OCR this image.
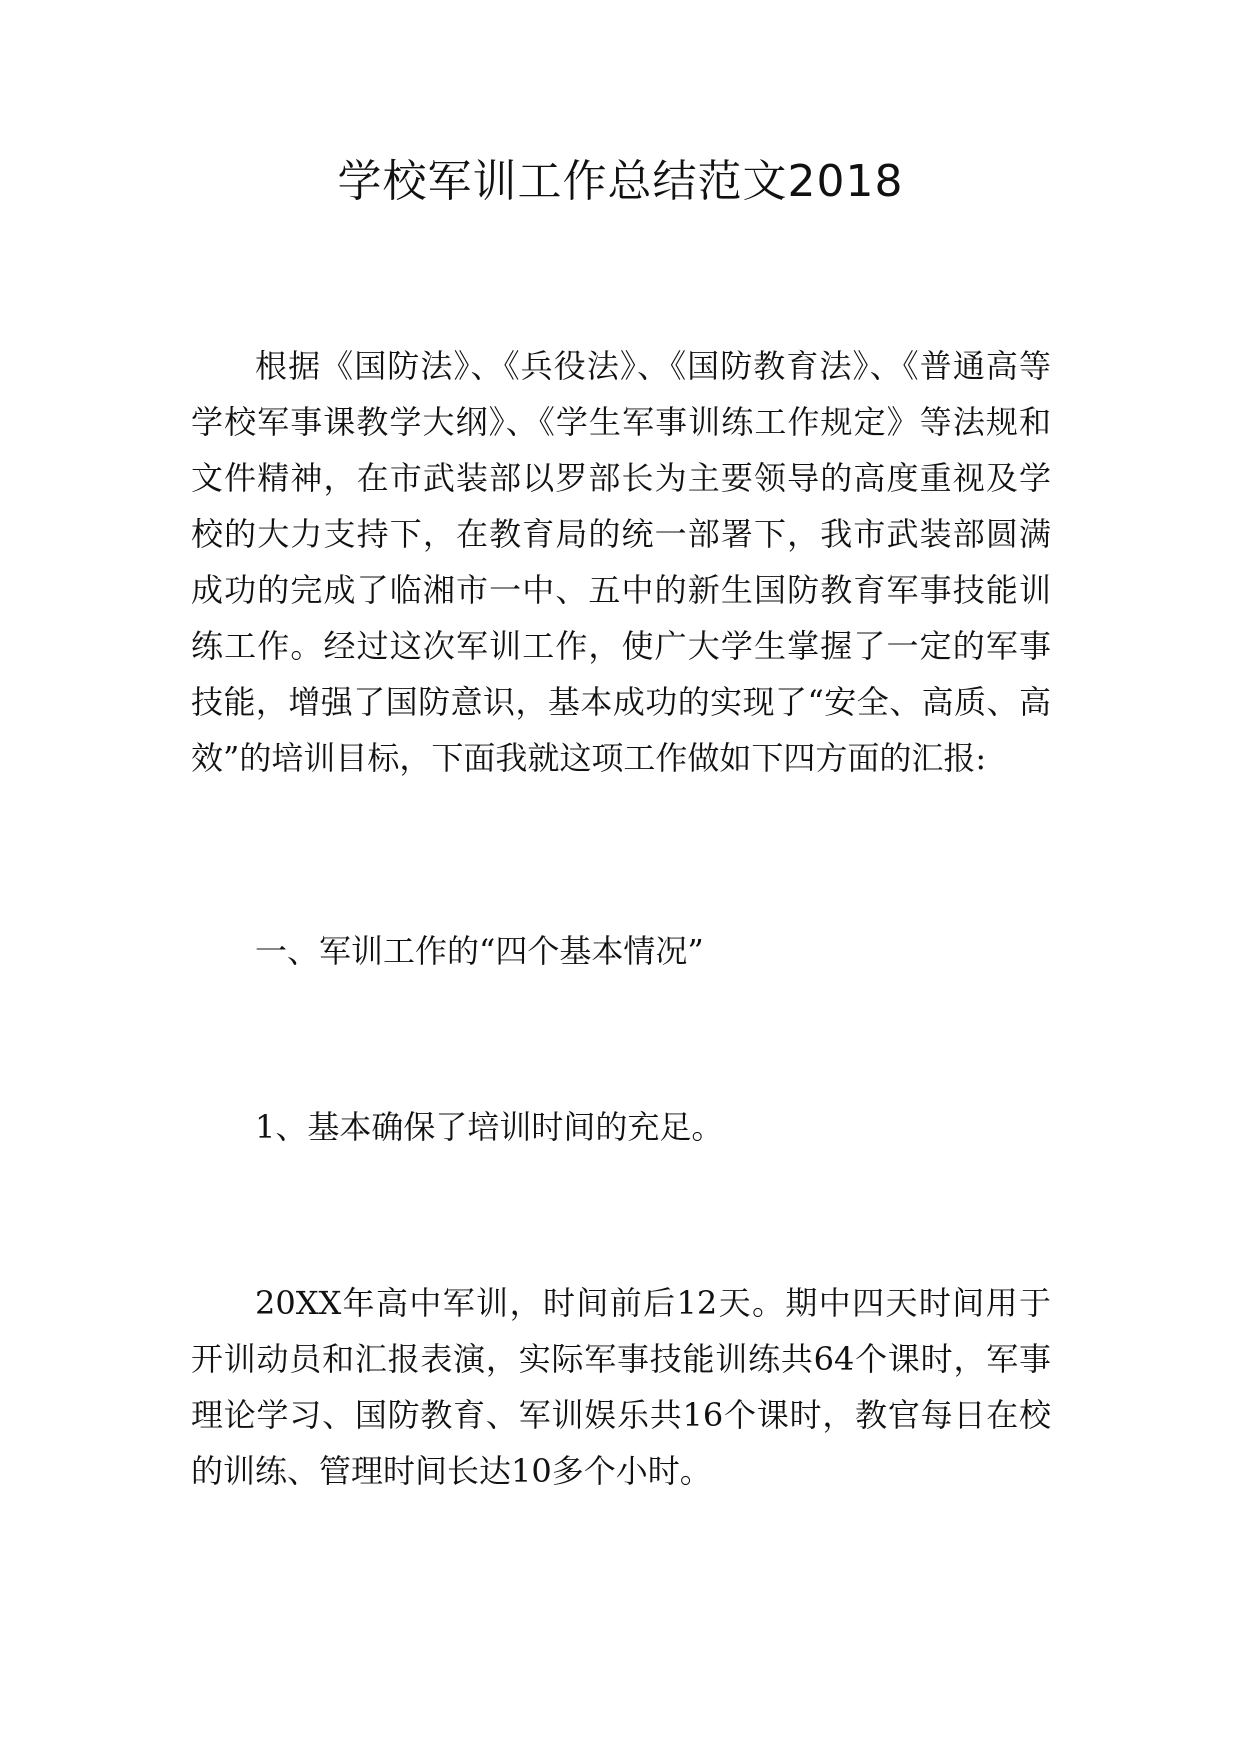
学校军训工作总结范文2018

根据《国防法》、《兵役法》、《国防教育法》、《普通高等学校军事课教学大纲》、《学生军事训练工作规定》等法规和文件精神，在市武装部以罗部长为主要领导的高度重视及学校的大力支持下，在教育局的统一部署下，我市武装部圆满成功的完成了临湘市一中、五中的新生国防教育军事技能训练工作。经过这次军训工作，使广大学生掌握了一定的军事技能，增强了国防意识，基本成功的实现了“安全、高质、高效”的培训目标，下面我就这项工作做如下四方面的汇报:

一、军训工作的“四个基本情况”

1、基本确保了培训时间的充足。

20XX年高中军训，时间前后12天。期中四天时间用于开训动员和汇报表演，实际军事技能训练共64个课时，军事理论学习、国防教育、军训娱乐共16个课时，教官每日在校的训练、管理时间长达10多个小时。
